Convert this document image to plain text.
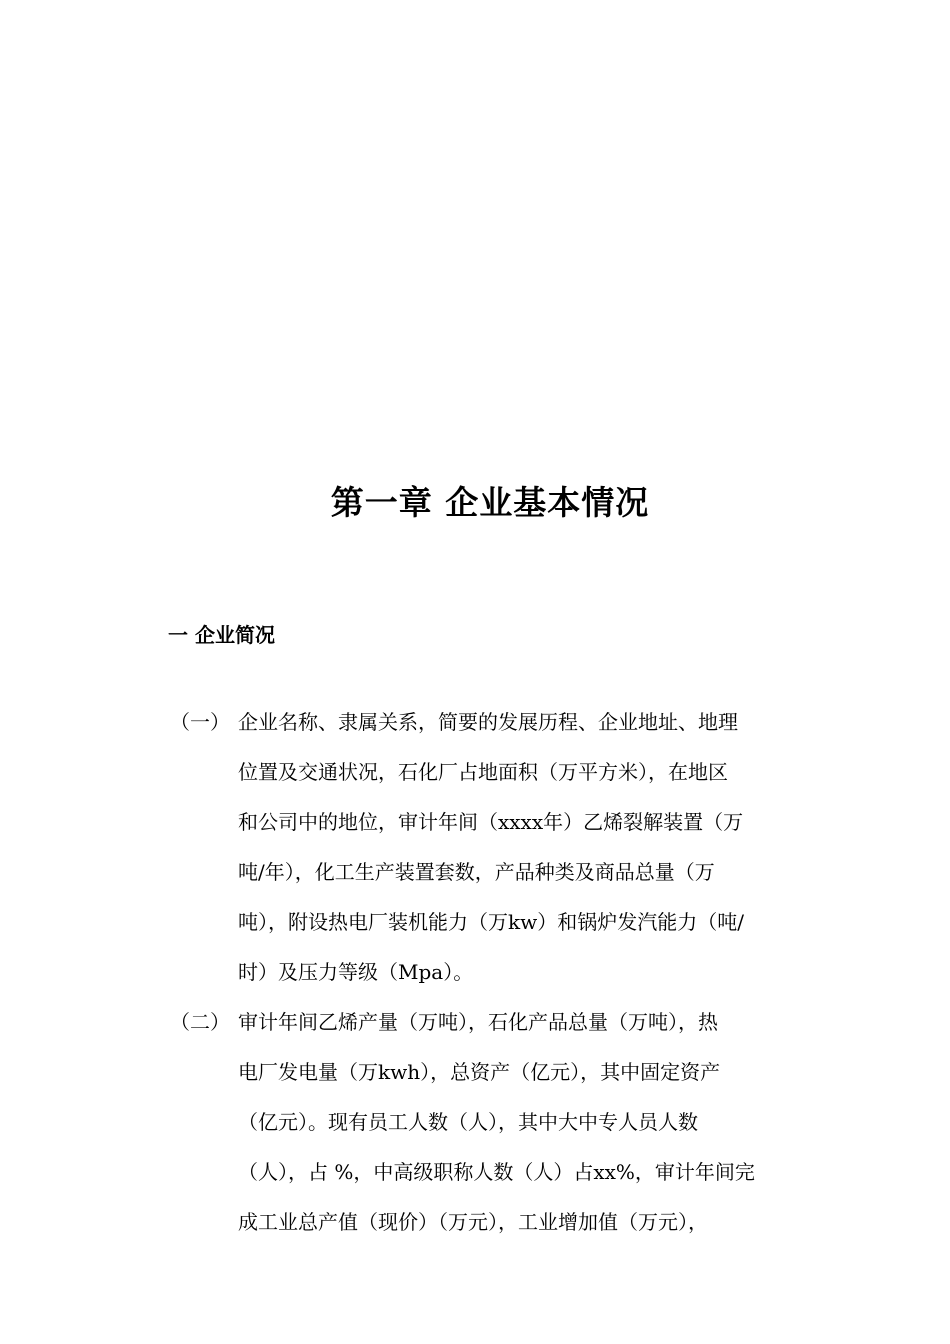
第一章 企业基本情况
一 企业简况
（一） 企业名称、隶属关系，简要的发展历程、企业地址、地理
位置及交通状况，石化厂占地面积（万平方米），在地区
和公司中的地位，审计年间（xxxx年）乙烯裂解装置（万
吨/年），化工生产装置套数，产品种类及商品总量（万
吨），附设热电厂装机能力（万kw）和锅炉发汽能力（吨/
时）及压力等级（Mpa）。
（二） 审计年间乙烯产量（万吨），石化产品总量（万吨），热
电厂发电量（万kwh），总资产（亿元），其中固定资产
（亿元）。现有员工人数（人），其中大中专人员人数
（人），占 %，中高级职称人数（人）占xx%，审计年间完
成工业总产值（现价）（万元），工业增加值（万元），
